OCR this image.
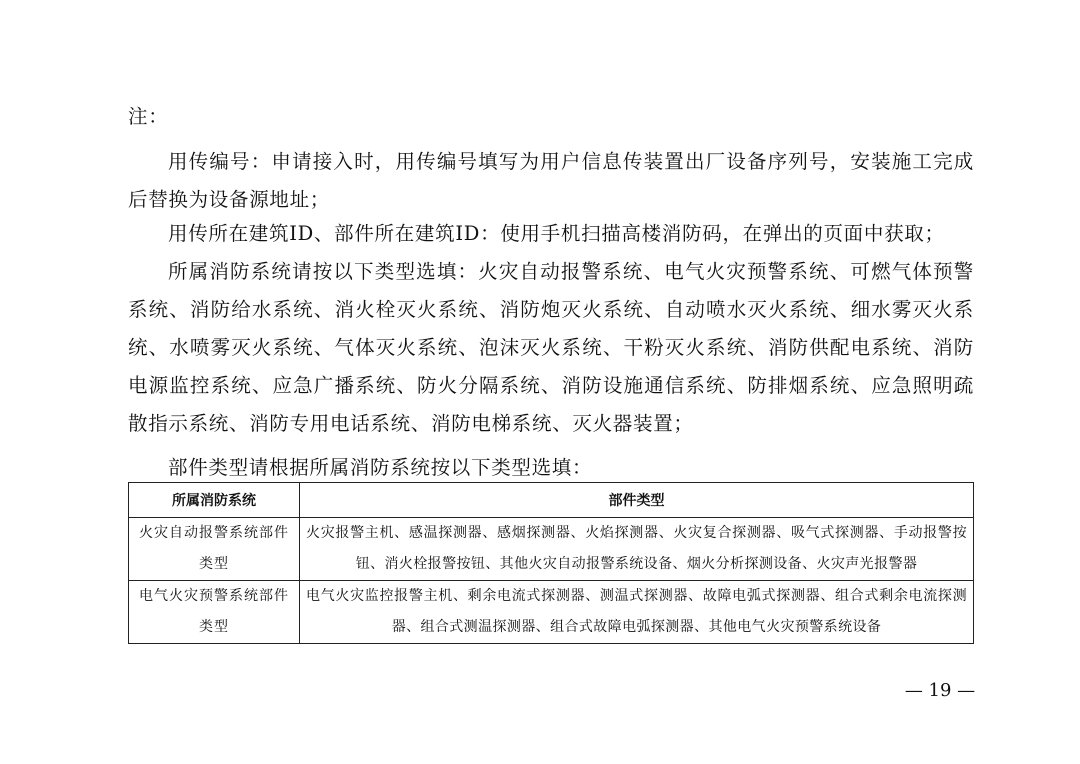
注：

用传编号：申请接入时，用传编号填写为用户信息传装置出厂设备序列号，安装施工完成后替换为设备源地址；

用传所在建筑ID、部件所在建筑ID：使用手机扫描高楼消防码，在弹出的页面中获取；

所属消防系统请按以下类型选填：火灾自动报警系统、电气火灾预警系统、可燃气体预警系统、消防给水系统、消火栓灭火系统、消防炮灭火系统、自动喷水灭火系统、细水雾灭火系统、水喷雾灭火系统、气体灭火系统、泡沫灭火系统、干粉灭火系统、消防供配电系统、消防电源监控系统、应急广播系统、防火分隔系统、消防设施通信系统、防排烟系统、应急照明疏散指示系统、消防专用电话系统、消防电梯系统、灭火器装置；

部件类型请根据所属消防系统按以下类型选填：

所属消防系统	部件类型
火灾自动报警系统部件类型	火灾报警主机、感温探测器、感烟探测器、火焰探测器、火灾复合探测器、吸气式探测器、手动报警按钮、消火栓报警按钮、其他火灾自动报警系统设备、烟火分析探测设备、火灾声光报警器
电气火灾预警系统部件类型	电气火灾监控报警主机、剩余电流式探测器、测温式探测器、故障电弧式探测器、组合式剩余电流探测器、组合式测温探测器、组合式故障电弧探测器、其他电气火灾预警系统设备
— 19 —
